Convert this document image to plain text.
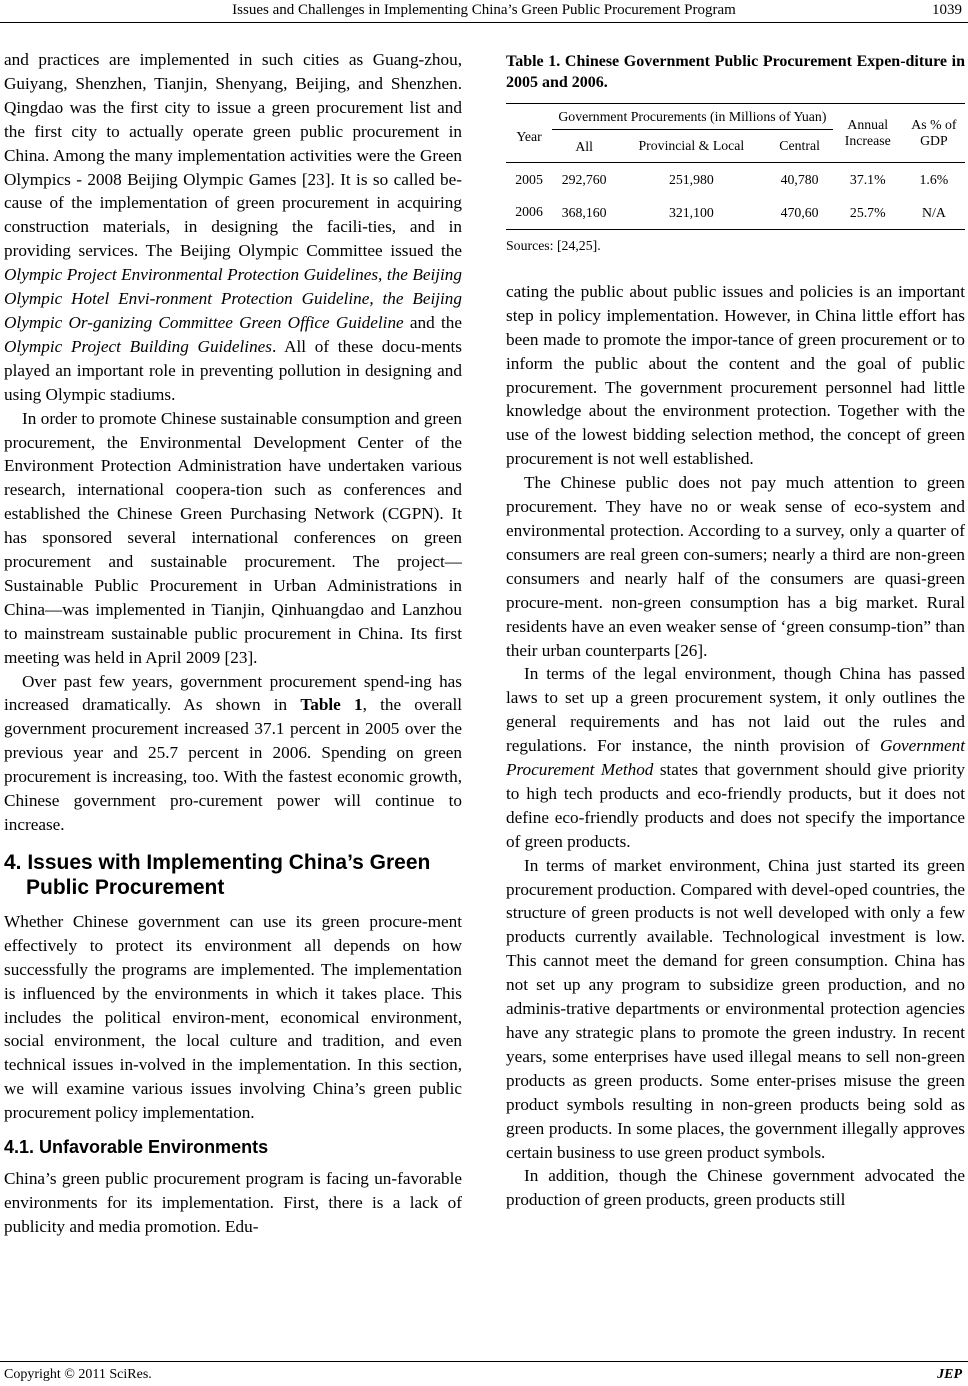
Issues and Challenges in Implementing China’s Green Public Procurement Program	1039

and practices are implemented in such cities as Guang-zhou, Guiyang, Shenzhen, Tianjin, Shenyang, Beijing, and Shenzhen. Qingdao was the first city to issue a green procurement list and the first city to actually operate green public procurement in China. Among the many implementation activities were the Green Olympics - 2008 Beijing Olympic Games [23]. It is so called be-cause of the implementation of green procurement in acquiring construction materials, in designing the facili-ties, and in providing services. The Beijing Olympic Committee issued the Olympic Project Environmental Protection Guidelines, the Beijing Olympic Hotel Envi-ronment Protection Guideline, the Beijing Olympic Or-ganizing Committee Green Office Guideline and the Olympic Project Building Guidelines. All of these docu-ments played an important role in preventing pollution in designing and using Olympic stadiums.

In order to promote Chinese sustainable consumption and green procurement, the Environmental Development Center of the Environment Protection Administration have undertaken various research, international coopera-tion such as conferences and established the Chinese Green Purchasing Network (CGPN). It has sponsored several international conferences on green procurement and sustainable procurement. The project—Sustainable Public Procurement in Urban Administrations in China—was implemented in Tianjin, Qinhuangdao and Lanzhou to mainstream sustainable public procurement in China. Its first meeting was held in April 2009 [23].

Over past few years, government procurement spend-ing has increased dramatically. As shown in Table 1, the overall government procurement increased 37.1 percent in 2005 over the previous year and 25.7 percent in 2006. Spending on green procurement is increasing, too. With the fastest economic growth, Chinese government pro-curement power will continue to increase.

4. Issues with Implementing China’s Green Public Procurement

Whether Chinese government can use its green procure-ment effectively to protect its environment all depends on how successfully the programs are implemented. The implementation is influenced by the environments in which it takes place. This includes the political environ-ment, economical environment, social environment, the local culture and tradition, and even technical issues in-volved in the implementation. In this section, we will examine various issues involving China’s green public procurement policy implementation.

4.1. Unfavorable Environments

China’s green public procurement program is facing un-favorable environments for its implementation. First, there is a lack of publicity and media promotion. Edu-

Table 1. Chinese Government Public Procurement Expen-diture in 2005 and 2006.
Year	Government Procurements (in Millions of Yuan)			Annual Increase	As % of GDP
	All	Provincial & Local	Central		
2005	292,760	251,980	40,780	37.1%	1.6%
2006	368,160	321,100	470,60	25.7%	N/A
Sources: [24,25].

cating the public about public issues and policies is an important step in policy implementation. However, in China little effort has been made to promote the impor-tance of green procurement or to inform the public about the content and the goal of public procurement. The government procurement personnel had little knowledge about the environment protection. Together with the use of the lowest bidding selection method, the concept of green procurement is not well established.

The Chinese public does not pay much attention to green procurement. They have no or weak sense of eco-system and environmental protection. According to a survey, only a quarter of consumers are real green con-sumers; nearly a third are non-green consumers and nearly half of the consumers are quasi-green procure-ment. non-green consumption has a big market. Rural residents have an even weaker sense of ‘green consump-tion” than their urban counterparts [26].

In terms of the legal environment, though China has passed laws to set up a green procurement system, it only outlines the general requirements and has not laid out the rules and regulations. For instance, the ninth provision of Government Procurement Method states that government should give priority to high tech products and eco-friendly products, but it does not define eco-friendly products and does not specify the importance of green products.

In terms of market environment, China just started its green procurement production. Compared with devel-oped countries, the structure of green products is not well developed with only a few products currently available. Technological investment is low. This cannot meet the demand for green consumption. China has not set up any program to subsidize green production, and no adminis-trative departments or environmental protection agencies have any strategic plans to promote the green industry. In recent years, some enterprises have used illegal means to sell non-green products as green products. Some enter-prises misuse the green product symbols resulting in non-green products being sold as green products. In some places, the government illegally approves certain business to use green product symbols.

In addition, though the Chinese government advocated the production of green products, green products still

Copyright © 2011 SciRes.	JEP
